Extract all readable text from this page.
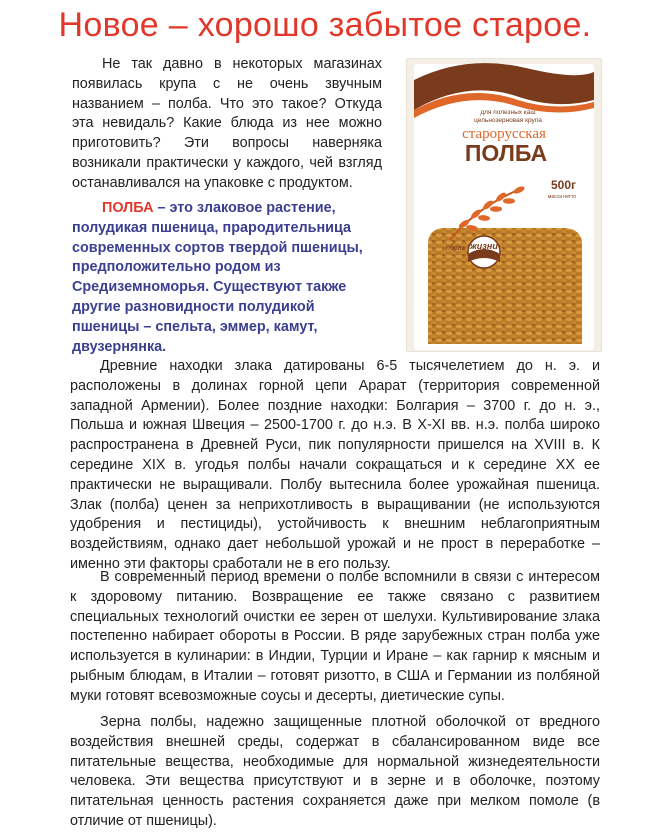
Новое – хорошо забытое старое.
Не так давно в некоторых магазинах появилась крупа с не очень звучным названием – полба. Что это такое? Откуда эта невидаль? Какие блюда из нее можно приготовить? Эти вопросы наверняка возникали практически у каждого, чей взгляд останавливался на упаковке с продуктом.
ПОЛБА – это злаковое растение, полудикая пшеница, прародительница современных сортов твердой пшеницы, предположительно родом из Средиземноморья. Существуют также другие разновидности полудикой пшеницы – спельта, эммер, камут, двузернянка.
для полезных каш
цельнозерновая крупа
старорусская
ПОЛБА
500г
масса нетто
образ жизни
Древние находки злака датированы 6-5 тысячелетием до н. э. и расположены в долинах горной цепи Арарат (территория современной западной Армении). Более поздние находки: Болгария – 3700 г. до н. э., Польша и южная Швеция – 2500-1700 г. до н.э. В X-XI вв. н.э. полба широко распространена в Древней Руси, пик популярности пришелся на XVIII в. К середине XIX в. угодья полбы начали сокращаться и к середине XX ее практически не выращивали. Полбу вытеснила более урожайная пшеница. Злак (полба) ценен за неприхотливость в выращивании (не используются удобрения и пестициды), устойчивость к внешним неблагоприятным воздействиям, однако дает небольшой урожай и не прост в переработке – именно эти факторы сработали не в его пользу.
В современный период времени о полбе вспомнили в связи с интересом к здоровому питанию. Возвращение ее также связано с развитием специальных технологий очистки ее зерен от шелухи. Культивирование злака постепенно набирает обороты в России. В ряде зарубежных стран полба уже используется в кулинарии: в Индии, Турции и Иране – как гарнир к мясным и рыбным блюдам, в Италии – готовят ризотто, в США и Германии из полбяной муки готовят всевозможные соусы и десерты, диетические супы.
Зерна полбы, надежно защищенные плотной оболочкой от вредного воздействия внешней среды, содержат в сбалансированном виде все питательные вещества, необходимые для нормальной жизнедеятельности человека. Эти вещества присутствуют и в зерне и в оболочке, поэтому питательная ценность растения сохраняется даже при мелком помоле (в отличие от пшеницы).
